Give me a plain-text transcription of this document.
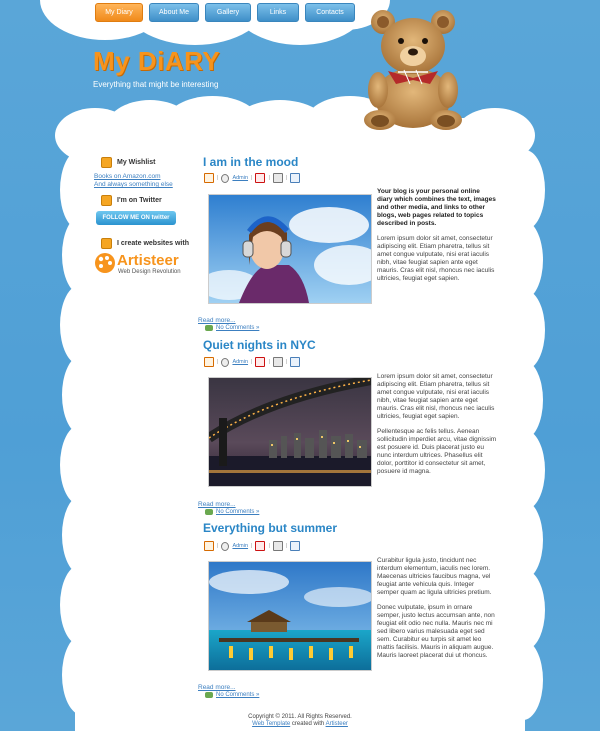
My Diary	About Me	Gallery	Links	Contacts
My DiARY
Everything that might be interesting
My Wishlist
Books on Amazon.com
And always something else
I'm on Twitter
FOLLOW ME ON twitter
I create websites with
Artisteer
Web Design Revolution
I am in the mood
|	Admin |	|	|

Your blog is your personal online diary which combines the text, images and other media, and links to other blogs, web pages related to topics described in posts.

Lorem ipsum dolor sit amet, consectetur adipiscing elit. Etiam pharetra, tellus sit amet congue vulputate, nisi erat iaculis nibh, vitae feugiat sapien ante eget mauris. Cras elit nisl, rhoncus nec iaculis ultricies, feugiat eget sapien.

Read more...
No Comments »
Quiet nights in NYC
|	Admin |	|	|

Lorem ipsum dolor sit amet, consectetur adipiscing elit. Etiam pharetra, tellus sit amet congue vulputate, nisi erat iaculis nibh, vitae feugiat sapien ante eget mauris. Cras elit nisl, rhoncus nec iaculis ultricies, feugiat eget sapien.

Pellentesque ac felis tellus. Aenean sollicitudin imperdiet arcu, vitae dignissim est posuere id. Duis placerat justo eu nunc interdum ultrices. Phasellus elit dolor, porttitor id consectetur sit amet, posuere id magna.

Read more...
No Comments »
Everything but summer
|	Admin |	|	|

Curabitur ligula justo, tincidunt nec interdum elementum, iaculis nec lorem. Maecenas ultricies faucibus magna, vel feugiat ante vehicula quis. Integer semper quam ac ligula ultricies pretium.

Donec vulputate, ipsum in ornare semper, justo lectus accumsan ante, non feugiat elit odio nec nulla. Mauris nec mi sed libero varius malesuada eget sed sem. Curabitur eu turpis sit amet leo mattis facilisis. Mauris in aliquam augue. Mauris laoreet placerat dui ut rhoncus.

Read more...
No Comments »
Copyright © 2011. All Rights Reserved.
Web Template created with Artisteer
